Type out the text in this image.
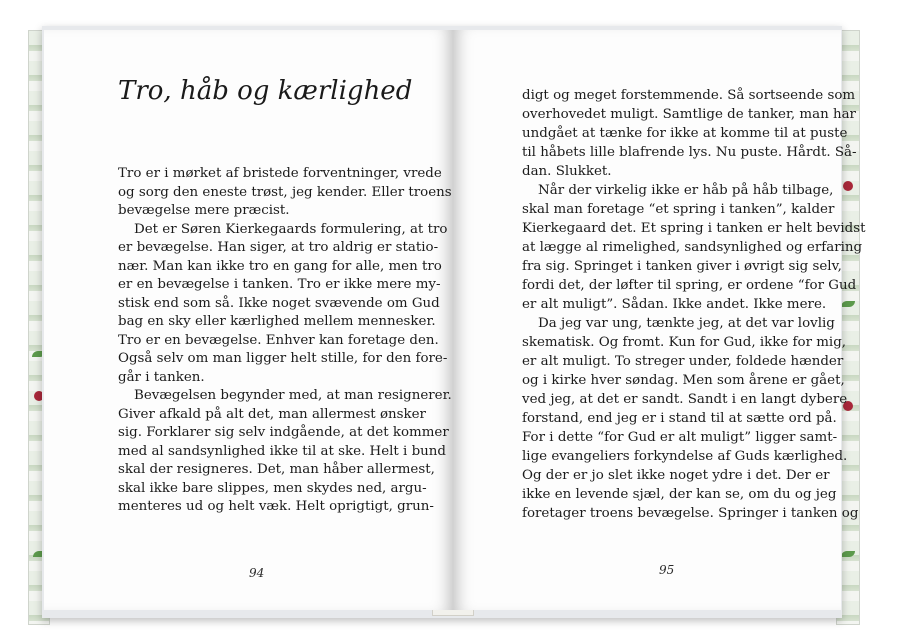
Tro, håb og kærlighed
Tro er i mørket af bristede forventninger, vrede
og sorg den eneste trøst, jeg kender. Eller troens
bevægelse mere præcist.
Det er Søren Kierkegaards formulering, at tro
er bevægelse. Han siger, at tro aldrig er statio-
nær. Man kan ikke tro en gang for alle, men tro
er en bevægelse i tanken. Tro er ikke mere my-
stisk end som så. Ikke noget svævende om Gud
bag en sky eller kærlighed mellem mennesker.
Tro er en bevægelse. Enhver kan foretage den.
Også selv om man ligger helt stille, for den fore-
går i tanken.
Bevægelsen begynder med, at man resignerer.
Giver afkald på alt det, man allermest ønsker
sig. Forklarer sig selv indgående, at det kommer
med al sandsynlighed ikke til at ske. Helt i bund
skal der resigneres. Det, man håber allermest,
skal ikke bare slippes, men skydes ned, argu-
menteres ud og helt væk. Helt oprigtigt, grun-
94
digt og meget forstemmende. Så sortseende som
overhovedet muligt. Samtlige de tanker, man har
undgået at tænke for ikke at komme til at puste
til håbets lille blafrende lys. Nu puste. Hårdt. Så-
dan. Slukket.
Når der virkelig ikke er håb på håb tilbage,
skal man foretage “et spring i tanken”, kalder
Kierkegaard det. Et spring i tanken er helt bevidst
at lægge al rimelighed, sandsynlighed og erfaring
fra sig. Springet i tanken giver i øvrigt sig selv,
fordi det, der løfter til spring, er ordene “for Gud
er alt muligt”. Sådan. Ikke andet. Ikke mere.
Da jeg var ung, tænkte jeg, at det var lovlig
skematisk. Og fromt. Kun for Gud, ikke for mig,
er alt muligt. To streger under, foldede hænder
og i kirke hver søndag. Men som årene er gået,
ved jeg, at det er sandt. Sandt i en langt dybere
forstand, end jeg er i stand til at sætte ord på.
For i dette “for Gud er alt muligt” ligger samt-
lige evangeliers forkyndelse af Guds kærlighed.
Og der er jo slet ikke noget ydre i det. Der er
ikke en levende sjæl, der kan se, om du og jeg
foretager troens bevægelse. Springer i tanken og
95
